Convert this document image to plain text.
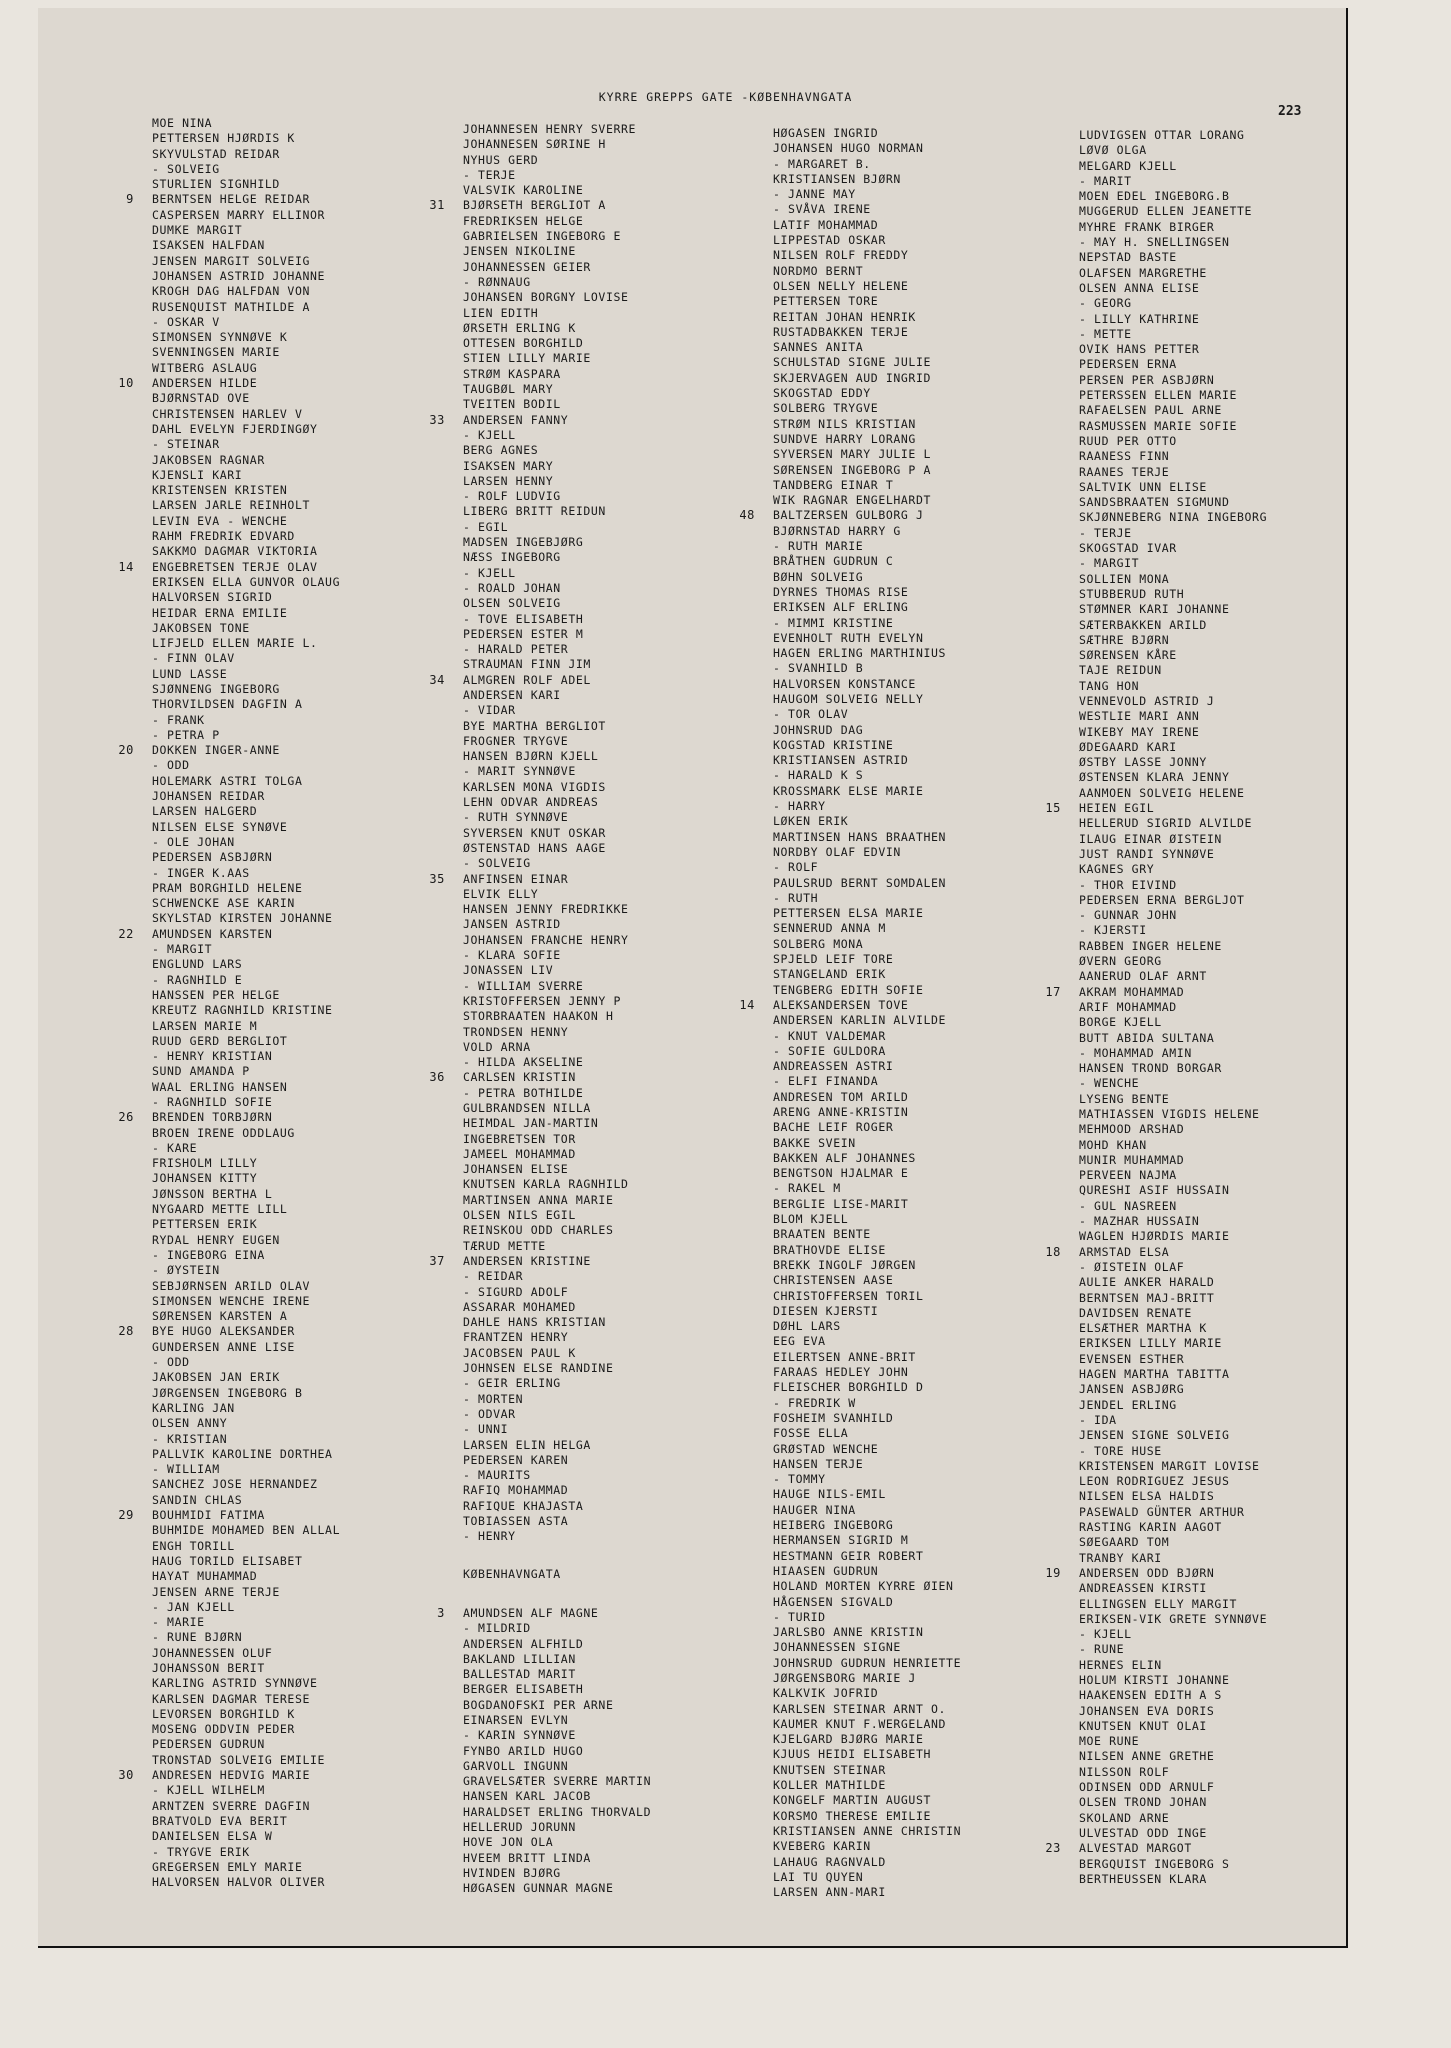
KYRRE GREPPS GATE -KØBENHAVNGATA
223
MOE NINA
PETTERSEN HJØRDIS K
SKYVULSTAD REIDAR
- SOLVEIG
STURLIEN SIGNHILD
9 BERNTSEN HELGE REIDAR
CASPERSEN MARRY ELLINOR
DUMKE MARGIT
ISAKSEN HALFDAN
JENSEN MARGIT SOLVEIG
JOHANSEN ASTRID JOHANNE
KROGH DAG HALFDAN VON
RUSENQUIST MATHILDE A
- OSKAR V
SIMONSEN SYNNØVE K
SVENNINGSEN MARIE
WITBERG ASLAUG
10 ANDERSEN HILDE
BJØRNSTAD OVE
CHRISTENSEN HARLEV V
DAHL EVELYN FJERDINGØY
- STEINAR
JAKOBSEN RAGNAR
KJENSLI KARI
KRISTENSEN KRISTEN
LARSEN JARLE REINHOLT
LEVIN EVA - WENCHE
RAHM FREDRIK EDVARD
SAKKMO DAGMAR VIKTORIA
14 ENGEBRETSEN TERJE OLAV
ERIKSEN ELLA GUNVOR OLAUG
HALVORSEN SIGRID
HEIDAR ERNA EMILIE
JAKOBSEN TONE
LIFJELD ELLEN MARIE L.
- FINN OLAV
LUND LASSE
SJØNNENG INGEBORG
THORVILDSEN DAGFIN A
- FRANK
- PETRA P
20 DOKKEN INGER-ANNE
- ODD
HOLEMARK ASTRI TOLGA
JOHANSEN REIDAR
LARSEN HALGERD
NILSEN ELSE SYNØVE
- OLE JOHAN
PEDERSEN ASBJØRN
- INGER K.AAS
PRAM BORGHILD HELENE
SCHWENCKE ASE KARIN
SKYLSTAD KIRSTEN JOHANNE
22 AMUNDSEN KARSTEN
- MARGIT
ENGLUND LARS
- RAGNHILD E
HANSSEN PER HELGE
KREUTZ RAGNHILD KRISTINE
LARSEN MARIE M
RUUD GERD BERGLIOT
- HENRY KRISTIAN
SUND AMANDA P
WAAL ERLING HANSEN
- RAGNHILD SOFIE
26 BRENDEN TORBJØRN
BROEN IRENE ODDLAUG
- KARE
FRISHOLM LILLY
JOHANSEN KITTY
JØNSSON BERTHA L
NYGAARD METTE LILL
PETTERSEN ERIK
RYDAL HENRY EUGEN
- INGEBORG EINA
- ØYSTEIN
SEBJØRNSEN ARILD OLAV
SIMONSEN WENCHE IRENE
SØRENSEN KARSTEN A
28 BYE HUGO ALEKSANDER
GUNDERSEN ANNE LISE
- ODD
JAKOBSEN JAN ERIK
JØRGENSEN INGEBORG B
KARLING JAN
OLSEN ANNY
- KRISTIAN
PALLVIK KAROLINE DORTHEA
- WILLIAM
SANCHEZ JOSE HERNANDEZ
SANDIN CHLAS
29 BOUHMIDI FATIMA
BUHMIDE MOHAMED BEN ALLAL
ENGH TORILL
HAUG TORILD ELISABET
HAYAT MUHAMMAD
JENSEN ARNE TERJE
- JAN KJELL
- MARIE
- RUNE BJØRN
JOHANNESSEN OLUF
JOHANSSON BERIT
KARLING ASTRID SYNNØVE
KARLSEN DAGMAR TERESE
LEVORSEN BORGHILD K
MOSENG ODDVIN PEDER
PEDERSEN GUDRUN
TRONSTAD SOLVEIG EMILIE
30 ANDRESEN HEDVIG MARIE
- KJELL WILHELM
ARNTZEN SVERRE DAGFIN
BRATVOLD EVA BERIT
DANIELSEN ELSA W
- TRYGVE ERIK
GREGERSEN EMLY MARIE
HALVORSEN HALVOR OLIVER
JOHANNESEN HENRY SVERRE
JOHANNESEN SØRINE H
NYHUS GERD
- TERJE
VALSVIK KAROLINE
31 BJØRSETH BERGLIOT A
FREDRIKSEN HELGE
GABRIELSEN INGEBORG E
JENSEN NIKOLINE
JOHANNESSEN GEIER
- RØNNAUG
JOHANSEN BORGNY LOVISE
LIEN EDITH
ØRSETH ERLING K
OTTESEN BORGHILD
STIEN LILLY MARIE
STRØM KASPARA
TAUGBØL MARY
TVEITEN BODIL
33 ANDERSEN FANNY
- KJELL
BERG AGNES
ISAKSEN MARY
LARSEN HENNY
- ROLF LUDVIG
LIBERG BRITT REIDUN
- EGIL
MADSEN INGEBJØRG
NÆSS INGEBORG
- KJELL
- ROALD JOHAN
OLSEN SOLVEIG
- TOVE ELISABETH
PEDERSEN ESTER M
- HARALD PETER
STRAUMAN FINN JIM
34 ALMGREN ROLF ADEL
ANDERSEN KARI
- VIDAR
BYE MARTHA BERGLIOT
FROGNER TRYGVE
HANSEN BJØRN KJELL
- MARIT SYNNØVE
KARLSEN MONA VIGDIS
LEHN ODVAR ANDREAS
- RUTH SYNNØVE
SYVERSEN KNUT OSKAR
ØSTENSTAD HANS AAGE
- SOLVEIG
35 ANFINSEN EINAR
ELVIK ELLY
HANSEN JENNY FREDRIKKE
JANSEN ASTRID
JOHANSEN FRANCHE HENRY
- KLARA SOFIE
JONASSEN LIV
- WILLIAM SVERRE
KRISTOFFERSEN JENNY P
STORBRAATEN HAAKON H
TRONDSEN HENNY
VOLD ARNA
- HILDA AKSELINE
36 CARLSEN KRISTIN
- PETRA BOTHILDE
GULBRANDSEN NILLA
HEIMDAL JAN-MARTIN
INGEBRETSEN TOR
JAMEEL MOHAMMAD
JOHANSEN ELISE
KNUTSEN KARLA RAGNHILD
MARTINSEN ANNA MARIE
OLSEN NILS EGIL
REINSKOU ODD CHARLES
TÆRUD METTE
37 ANDERSEN KRISTINE
- REIDAR
- SIGURD ADOLF
ASSARAR MOHAMED
DAHLE HANS KRISTIAN
FRANTZEN HENRY
JACOBSEN PAUL K
JOHNSEN ELSE RANDINE
- GEIR ERLING
- MORTEN
- ODVAR
- UNNI
LARSEN ELIN HELGA
PEDERSEN KAREN
- MAURITS
RAFIQ MOHAMMAD
RAFIQUE KHAJASTA
TOBIASSEN ASTA
- HENRY
KØBENHAVNGATA
3 AMUNDSEN ALF MAGNE
- MILDRID
ANDERSEN ALFHILD
BAKLAND LILLIAN
BALLESTAD MARIT
BERGER ELISABETH
BOGDANOFSKI PER ARNE
EINARSEN EVLYN
- KARIN SYNNØVE
FYNBO ARILD HUGO
GARVOLL INGUNN
GRAVELSÆTER SVERRE MARTIN
HANSEN KARL JACOB
HARALDSET ERLING THORVALD
HELLERUD JORUNN
HOVE JON OLA
HVEEM BRITT LINDA
HVINDEN BJØRG
HØGASEN GUNNAR MAGNE
HØGASEN INGRID
JOHANSEN HUGO NORMAN
- MARGARET B.
KRISTIANSEN BJØRN
- JANNE MAY
- SVÅVA IRENE
LATIF MOHAMMAD
LIPPESTAD OSKAR
NILSEN ROLF FREDDY
NORDMO BERNT
OLSEN NELLY HELENE
PETTERSEN TORE
REITAN JOHAN HENRIK
RUSTADBAKKEN TERJE
SANNES ANITA
SCHULSTAD SIGNE JULIE
SKJERVAGEN AUD INGRID
SKOGSTAD EDDY
SOLBERG TRYGVE
STRØM NILS KRISTIAN
SUNDVE HARRY LORANG
SYVERSEN MARY JULIE L
SØRENSEN INGEBORG P A
TANDBERG EINAR T
WIK RAGNAR ENGELHARDT
48 BALTZERSEN GULBORG J
BJØRNSTAD HARRY G
- RUTH MARIE
BRÅTHEN GUDRUN C
BØHN SOLVEIG
DYRNES THOMAS RISE
ERIKSEN ALF ERLING
- MIMMI KRISTINE
EVENHOLT RUTH EVELYN
HAGEN ERLING MARTHINIUS
- SVANHILD B
HALVORSEN KONSTANCE
HAUGOM SOLVEIG NELLY
- TOR OLAV
JOHNSRUD DAG
KOGSTAD KRISTINE
KRISTIANSEN ASTRID
- HARALD K S
KROSSMARK ELSE MARIE
- HARRY
LØKEN ERIK
MARTINSEN HANS BRAATHEN
NORDBY OLAF EDVIN
- ROLF
PAULSRUD BERNT SOMDALEN
- RUTH
PETTERSEN ELSA MARIE
SENNERUD ANNA M
SOLBERG MONA
SPJELD LEIF TORE
STANGELAND ERIK
TENGBERG EDITH SOFIE
14 ALEKSANDERSEN TOVE
ANDERSEN KARLIN ALVILDE
- KNUT VALDEMAR
- SOFIE GULDORA
ANDREASSEN ASTRI
- ELFI FINANDA
ANDRESEN TOM ARILD
ARENG ANNE-KRISTIN
BACHE LEIF ROGER
BAKKE SVEIN
BAKKEN ALF JOHANNES
BENGTSON HJALMAR E
- RAKEL M
BERGLIE LISE-MARIT
BLOM KJELL
BRAATEN BENTE
BRATHOVDE ELISE
BREKK INGOLF JØRGEN
CHRISTENSEN AASE
CHRISTOFFERSEN TORIL
DIESEN KJERSTI
DØHL LARS
EEG EVA
EILERTSEN ANNE-BRIT
FARAAS HEDLEY JOHN
FLEISCHER BORGHILD D
- FREDRIK W
FOSHEIM SVANHILD
FOSSE ELLA
GRØSTAD WENCHE
HANSEN TERJE
- TOMMY
HAUGE NILS-EMIL
HAUGER NINA
HEIBERG INGEBORG
HERMANSEN SIGRID M
HESTMANN GEIR ROBERT
HIAASEN GUDRUN
HOLAND MORTEN KYRRE ØIEN
HÅGENSEN SIGVALD
- TURID
JARLSBO ANNE KRISTIN
JOHANNESSEN SIGNE
JOHNSRUD GUDRUN HENRIETTE
JØRGENSBORG MARIE J
KALKVIK JOFRID
KARLSEN STEINAR ARNT O.
KAUMER KNUT F.WERGELAND
KJELGARD BJØRG MARIE
KJUUS HEIDI ELISABETH
KNUTSEN STEINAR
KOLLER MATHILDE
KONGELF MARTIN AUGUST
KORSMO THERESE EMILIE
KRISTIANSEN ANNE CHRISTIN
KVEBERG KARIN
LAHAUG RAGNVALD
LAI TU QUYEN
LARSEN ANN-MARI
LUDVIGSEN OTTAR LORANG
LØVØ OLGA
MELGARD KJELL
- MARIT
MOEN EDEL INGEBORG.B
MUGGERUD ELLEN JEANETTE
MYHRE FRANK BIRGER
- MAY H. SNELLINGSEN
NEPSTAD BASTE
OLAFSEN MARGRETHE
OLSEN ANNA ELISE
- GEORG
- LILLY KATHRINE
- METTE
OVIK HANS PETTER
PEDERSEN ERNA
PERSEN PER ASBJØRN
PETERSSEN ELLEN MARIE
RAFAELSEN PAUL ARNE
RASMUSSEN MARIE SOFIE
RUUD PER OTTO
RAANESS FINN
RAANES TERJE
SALTVIK UNN ELISE
SANDSBRAATEN SIGMUND
SKJØNNEBERG NINA INGEBORG
- TERJE
SKOGSTAD IVAR
- MARGIT
SOLLIEN MONA
STUBBERUD RUTH
STØMNER KARI JOHANNE
SÆTERBAKKEN ARILD
SÆTHRE BJØRN
SØRENSEN KÅRE
TAJE REIDUN
TANG HON
VENNEVOLD ASTRID J
WESTLIE MARI ANN
WIKEBY MAY IRENE
ØDEGAARD KARI
ØSTBY LASSE JONNY
ØSTENSEN KLARA JENNY
AANMOEN SOLVEIG HELENE
15 HEIEN EGIL
HELLERUD SIGRID ALVILDE
ILAUG EINAR ØISTEIN
JUST RANDI SYNNØVE
KAGNES GRY
- THOR EIVIND
PEDERSEN ERNA BERGLJOT
- GUNNAR JOHN
- KJERSTI
RABBEN INGER HELENE
ØVERN GEORG
AANERUD OLAF ARNT
17 AKRAM MOHAMMAD
ARIF MOHAMMAD
BORGE KJELL
BUTT ABIDA SULTANA
- MOHAMMAD AMIN
HANSEN TROND BORGAR
- WENCHE
LYSENG BENTE
MATHIASSEN VIGDIS HELENE
MEHMOOD ARSHAD
MOHD KHAN
MUNIR MUHAMMAD
PERVEEN NAJMA
QURESHI ASIF HUSSAIN
- GUL NASREEN
- MAZHAR HUSSAIN
WAGLEN HJØRDIS MARIE
18 ARMSTAD ELSA
- ØISTEIN OLAF
AULIE ANKER HARALD
BERNTSEN MAJ-BRITT
DAVIDSEN RENATE
ELSÆTHER MARTHA K
ERIKSEN LILLY MARIE
EVENSEN ESTHER
HAGEN MARTHA TABITTA
JANSEN ASBJØRG
JENDEL ERLING
- IDA
JENSEN SIGNE SOLVEIG
- TORE HUSE
KRISTENSEN MARGIT LOVISE
LEON RODRIGUEZ JESUS
NILSEN ELSA HALDIS
PASEWALD GÜNTER ARTHUR
RASTING KARIN AAGOT
SØEGAARD TOM
TRANBY KARI
19 ANDERSEN ODD BJØRN
ANDREASSEN KIRSTI
ELLINGSEN ELLY MARGIT
ERIKSEN-VIK GRETE SYNNØVE
- KJELL
- RUNE
HERNES ELIN
HOLUM KIRSTI JOHANNE
HAAKENSEN EDITH A S
JOHANSEN EVA DORIS
KNUTSEN KNUT OLAI
MOE RUNE
NILSEN ANNE GRETHE
NILSSON ROLF
ODINSEN ODD ARNULF
OLSEN TROND JOHAN
SKOLAND ARNE
ULVESTAD ODD INGE
23 ALVESTAD MARGOT
BERGQUIST INGEBORG S
BERTHEUSSEN KLARA
